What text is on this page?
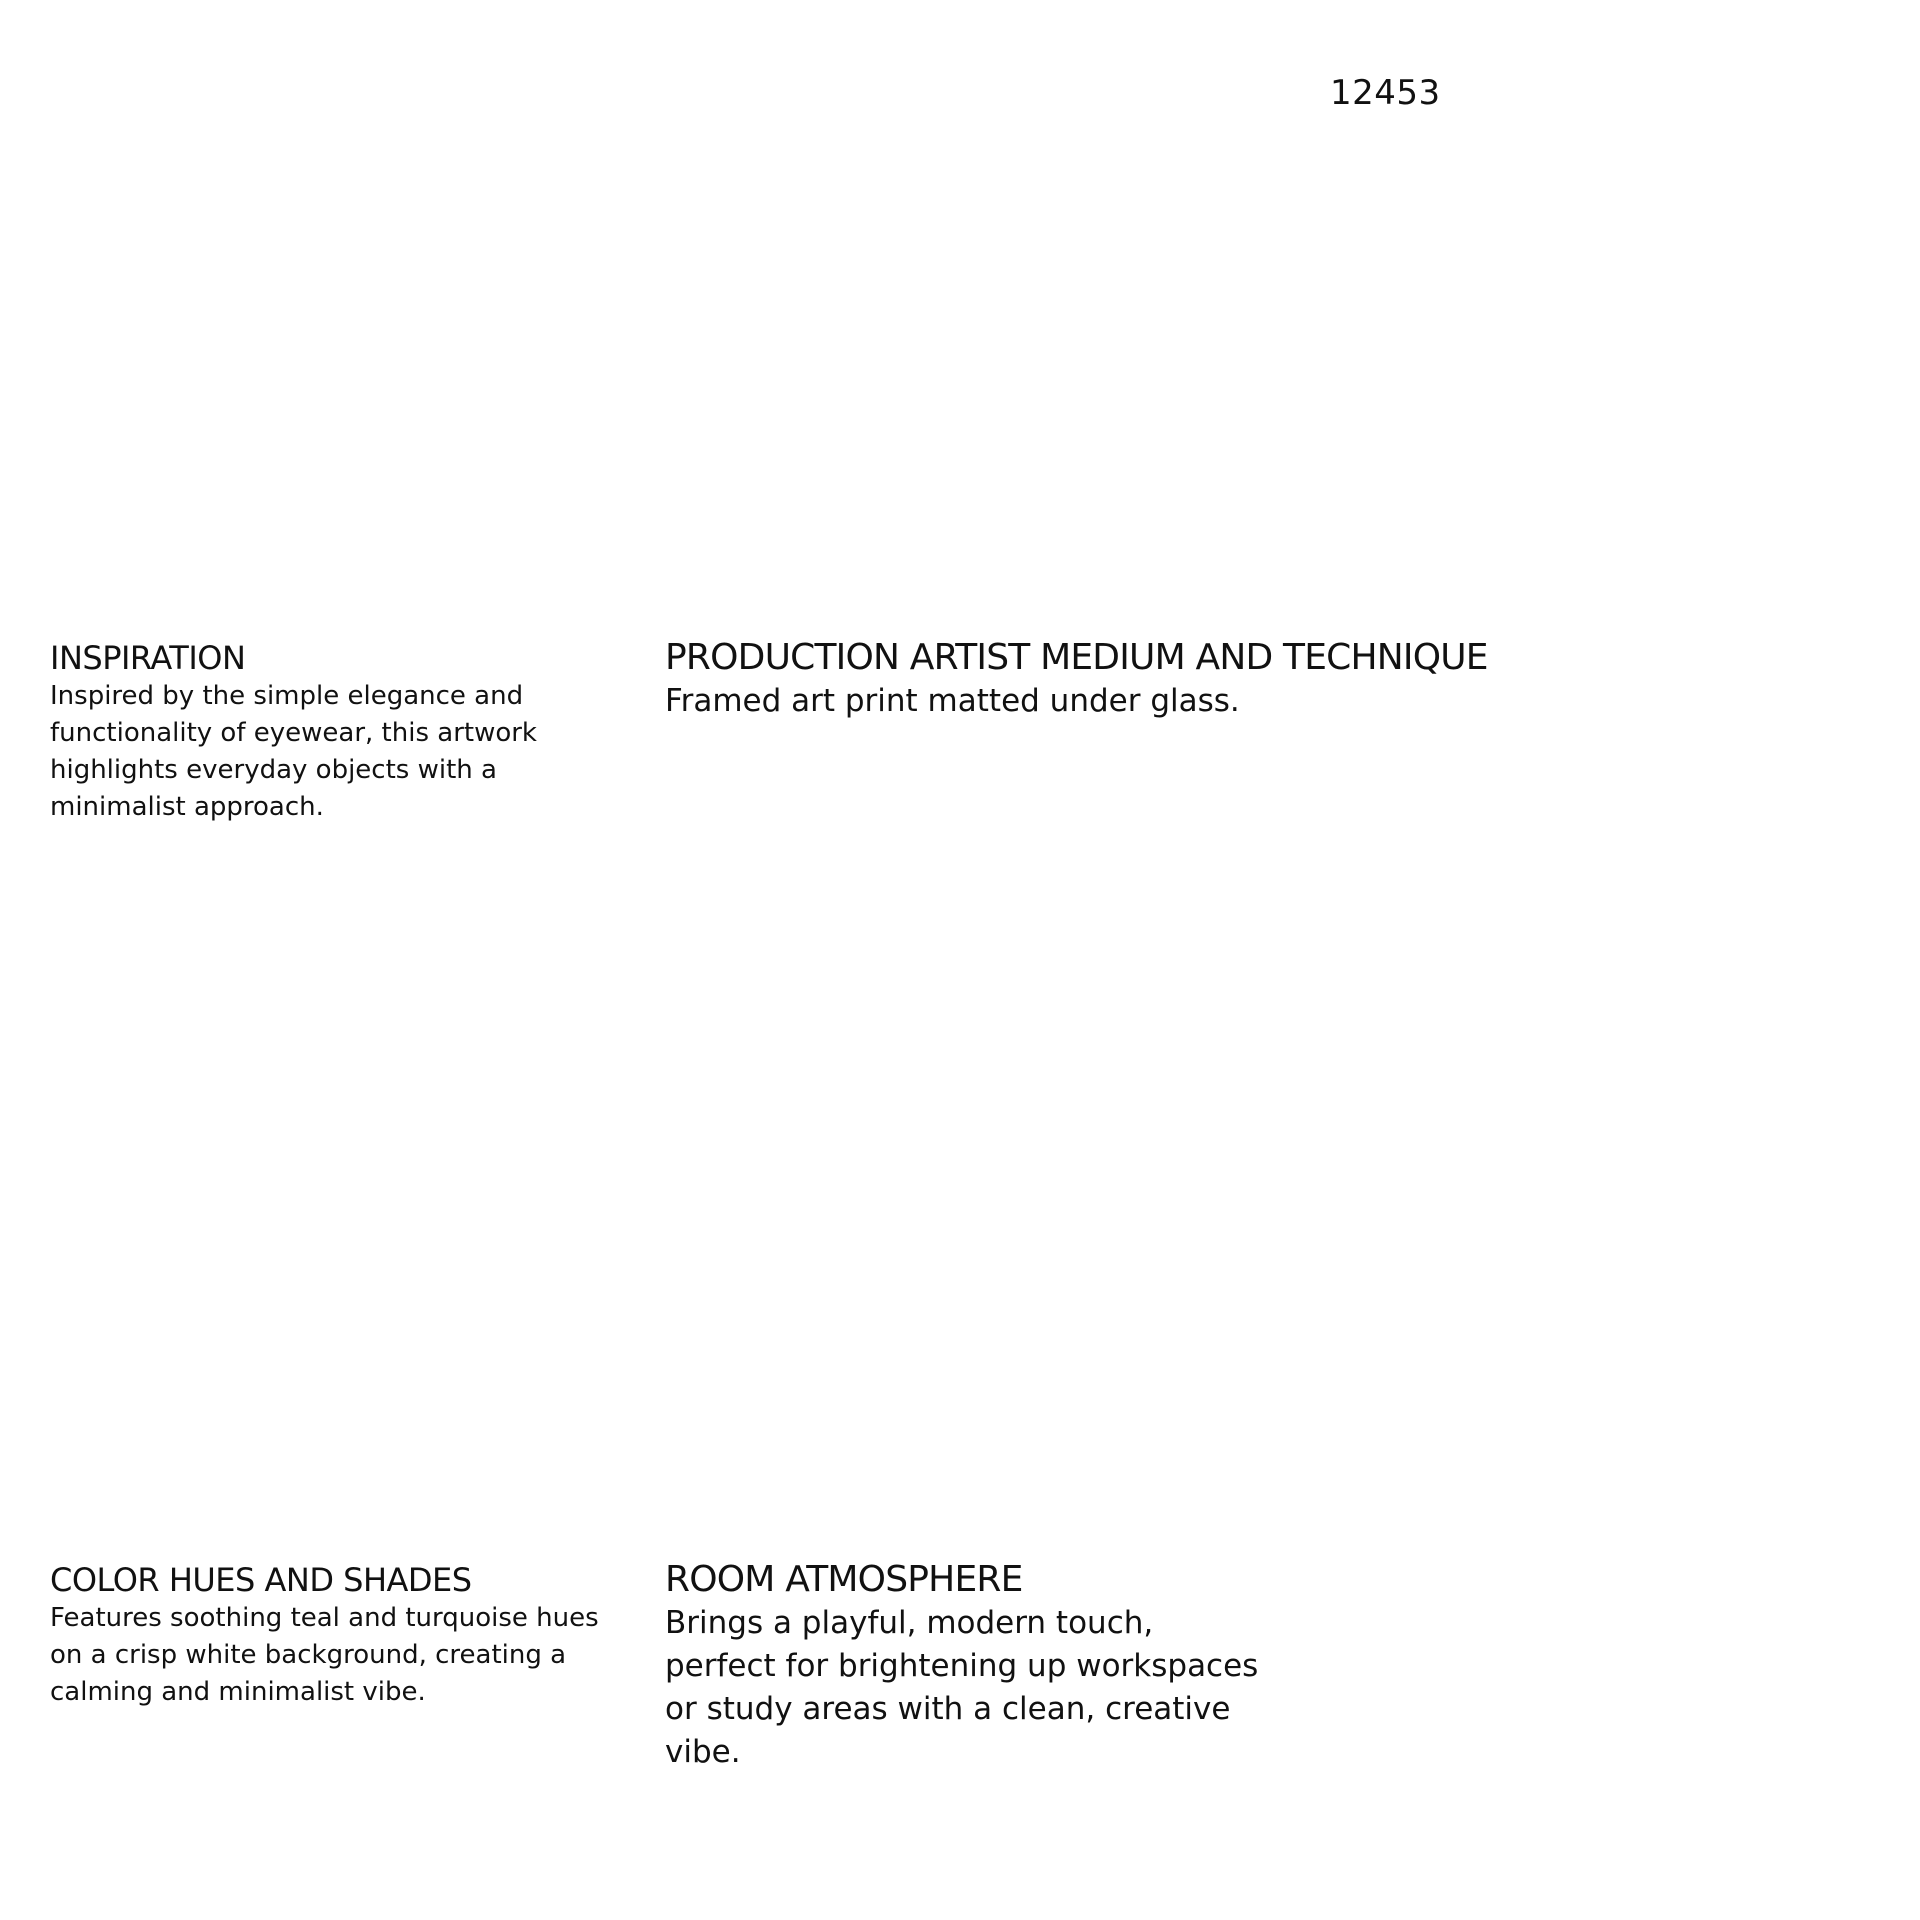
12453
INSPIRATION

Inspired by the simple elegance and functionality of eyewear, this artwork highlights everyday objects with a minimalist approach.

PRODUCTION ARTIST MEDIUM AND TECHNIQUE

Framed art print matted under glass.

COLOR HUES AND SHADES

Features soothing teal and turquoise hues on a crisp white background, creating a calming and minimalist vibe.

ROOM ATMOSPHERE

Brings a playful, modern touch, perfect for brightening up workspaces or study areas with a clean, creative vibe.
